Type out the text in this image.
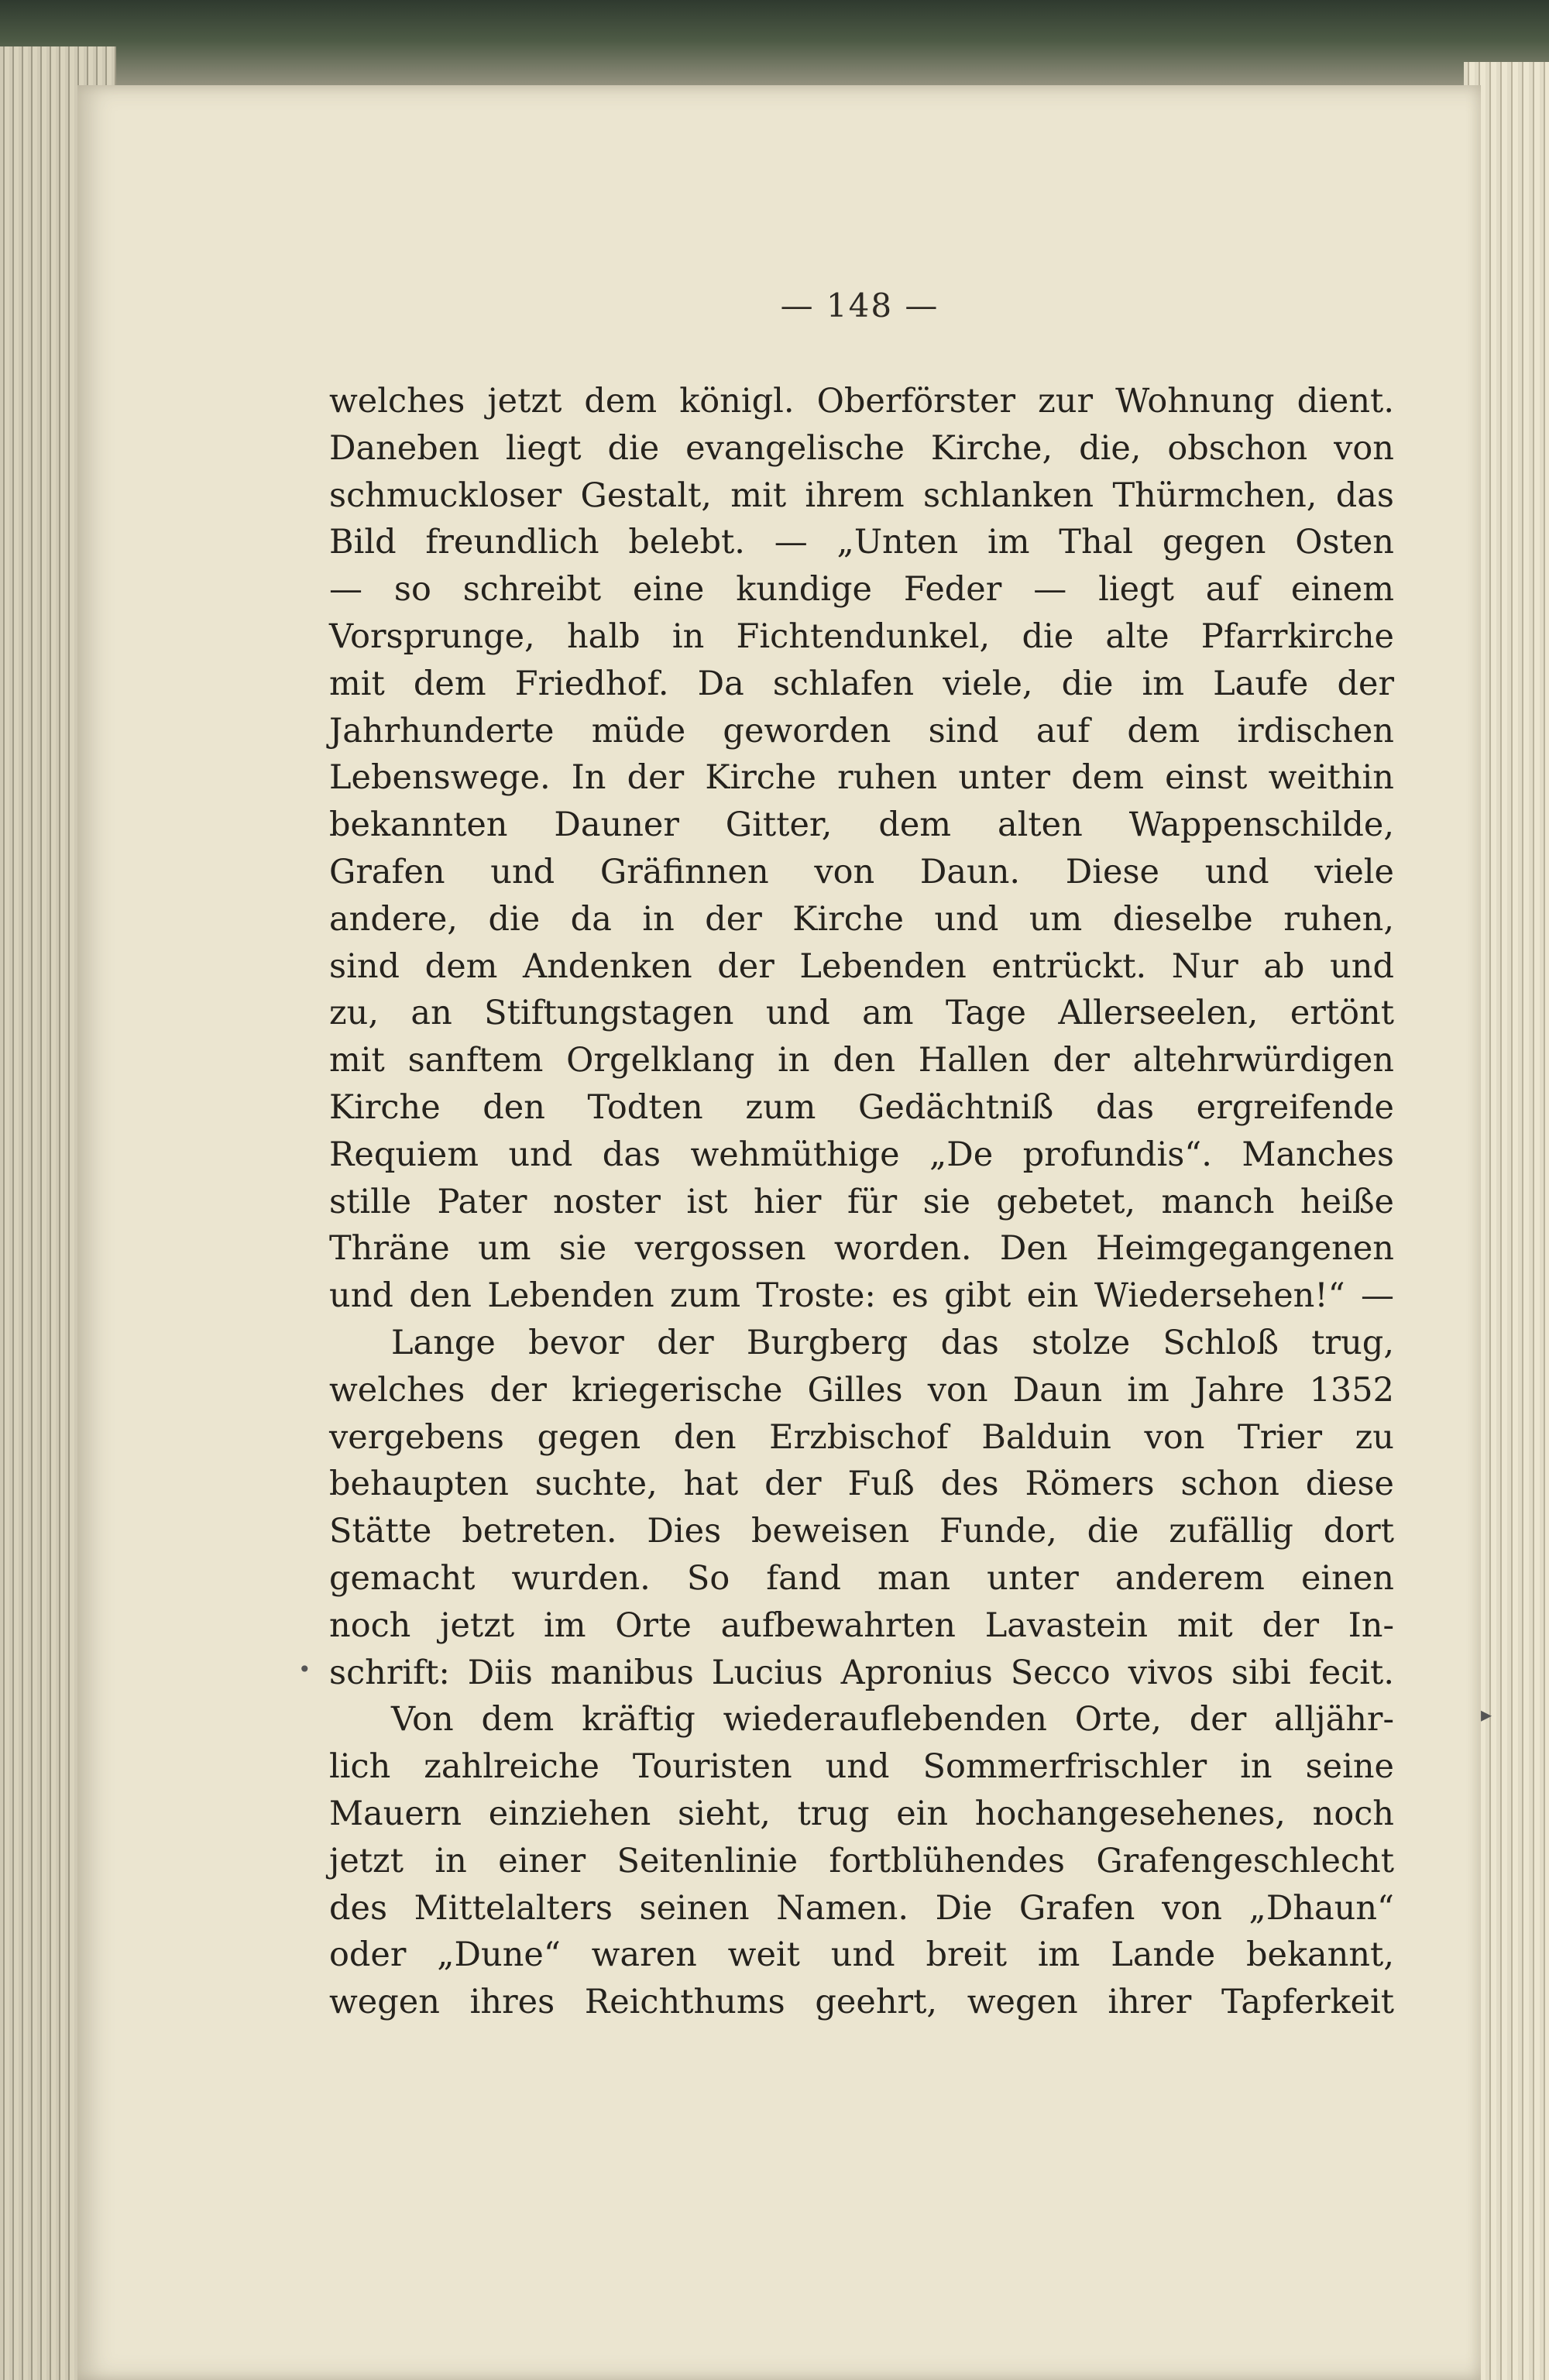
— 148 —
welches jetzt dem königl. Oberförster zur Wohnung dient.
Daneben liegt die evangelische Kirche, die, obschon von
schmuckloser Gestalt, mit ihrem schlanken Thürmchen, das
Bild freundlich belebt. — „Unten im Thal gegen Osten
— so schreibt eine kundige Feder — liegt auf einem
Vorsprunge, halb in Fichtendunkel, die alte Pfarrkirche
mit dem Friedhof. Da schlafen viele, die im Laufe der
Jahrhunderte müde geworden sind auf dem irdischen
Lebenswege. In der Kirche ruhen unter dem einst weithin
bekannten Dauner Gitter, dem alten Wappenschilde,
Grafen und Gräfinnen von Daun. Diese und viele
andere, die da in der Kirche und um dieselbe ruhen,
sind dem Andenken der Lebenden entrückt. Nur ab und
zu, an Stiftungstagen und am Tage Allerseelen, ertönt
mit sanftem Orgelklang in den Hallen der altehrwürdigen
Kirche den Todten zum Gedächtniß das ergreifende
Requiem und das wehmüthige „De profundis“. Manches
stille Pater noster ist hier für sie gebetet, manch heiße
Thräne um sie vergossen worden. Den Heimgegangenen
und den Lebenden zum Troste: es gibt ein Wiedersehen!“ —
Lange bevor der Burgberg das stolze Schloß trug,
welches der kriegerische Gilles von Daun im Jahre 1352
vergebens gegen den Erzbischof Balduin von Trier zu
behaupten suchte, hat der Fuß des Römers schon diese
Stätte betreten. Dies beweisen Funde, die zufällig dort
gemacht wurden. So fand man unter anderem einen
noch jetzt im Orte aufbewahrten Lavastein mit der In-
schrift: Diis manibus Lucius Apronius Secco vivos sibi fecit.
Von dem kräftig wiederauflebenden Orte, der alljähr-
lich zahlreiche Touristen und Sommerfrischler in seine
Mauern einziehen sieht, trug ein hochangesehenes, noch
jetzt in einer Seitenlinie fortblühendes Grafengeschlecht
des Mittelalters seinen Namen. Die Grafen von „Dhaun“
oder „Dune“ waren weit und breit im Lande bekannt,
wegen ihres Reichthums geehrt, wegen ihrer Tapferkeit
•
▸
